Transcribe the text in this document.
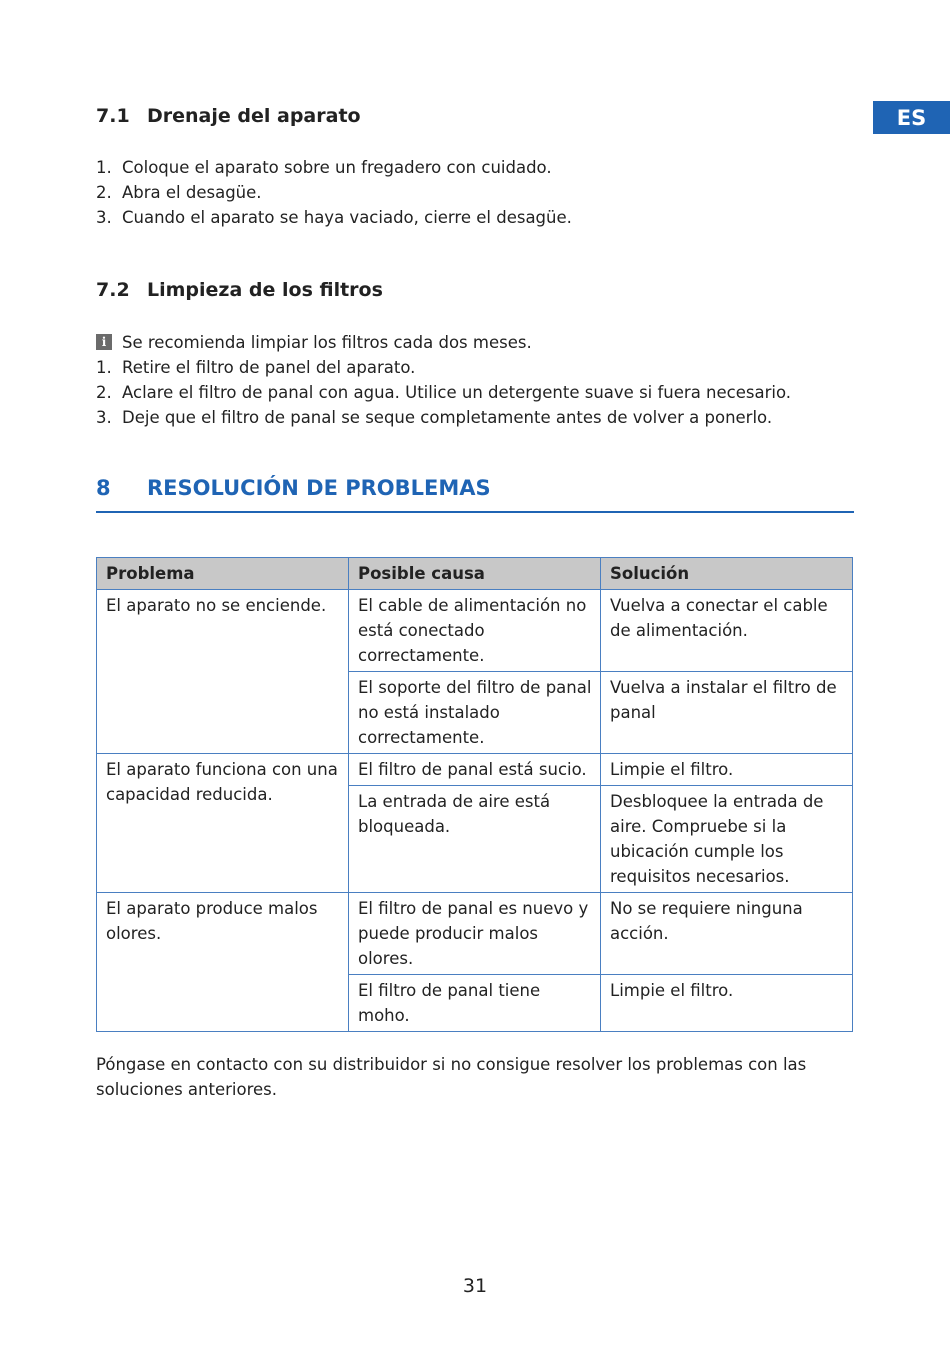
ES
7.1 Drenaje del aparato
1. Coloque el aparato sobre un fregadero con cuidado.
2. Abra el desagüe.
3. Cuando el aparato se haya vaciado, cierre el desagüe.
7.2 Limpieza de los filtros
i Se recomienda limpiar los filtros cada dos meses.
1. Retire el filtro de panel del aparato.
2. Aclare el filtro de panal con agua. Utilice un detergente suave si fuera necesario.
3. Deje que el filtro de panal se seque completamente antes de volver a ponerlo.
8 RESOLUCIÓN DE PROBLEMAS
Problema	Posible causa	Solución
El aparato no se enciende.	El cable de alimentación no está conectado correctamente.	Vuelva a conectar el cable de alimentación.
	El soporte del filtro de panal no está instalado correctamente.	Vuelva a instalar el filtro de panal
El aparato funciona con una capacidad reducida.	El filtro de panal está sucio.	Limpie el filtro.
	La entrada de aire está bloqueada.	Desbloquee la entrada de aire. Compruebe si la ubicación cumple los requisitos necesarios.
El aparato produce malos olores.	El filtro de panal es nuevo y puede producir malos olores.	No se requiere ninguna acción.
	El filtro de panal tiene moho.	Limpie el filtro.

Póngase en contacto con su distribuidor si no consigue resolver los problemas con las soluciones anteriores.

31
